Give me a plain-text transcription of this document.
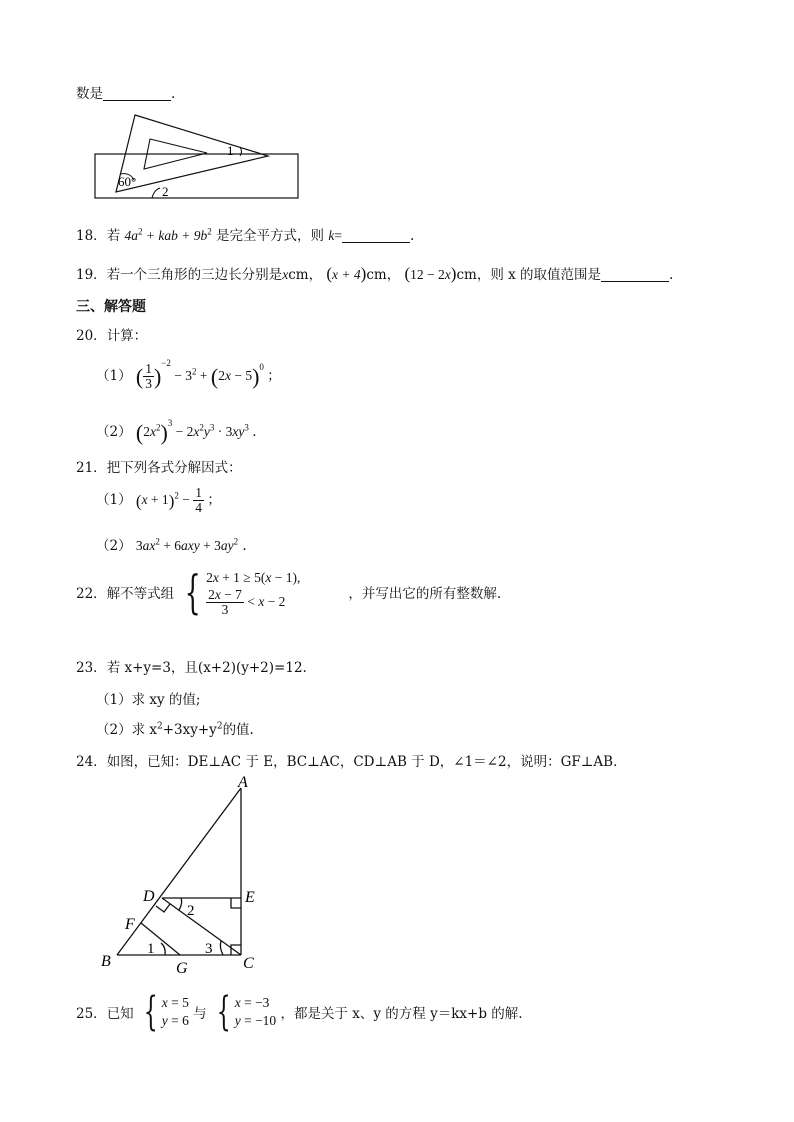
数是	.
60°
1
2
18．若 $4a^2$ + kab + $9b^2$ 是完全平方式，则 k=	.
19．若一个三角形的三边长分别是xcm， (x + 4)cm， (12 − 2x)cm，则 x 的取值范围是	.
三、解答题
20．计算：
（1） ( $\frac{1}{3} )^{-2} - 3^2 + (2x - 5)^0$ ；
（2） $(2x^2)^3 - 2x^2y^3 \cdot 3xy^3$ .
21．把下列各式分解因式：
（1） $(x + 1)^2 - \frac{1}{4}$ ；
（2） $3ax^2 + 6axy + 3ay^2$ .
22．解不等式组 { 2x + 1 ≥ 5(x − 1),
$\frac{2x - 7}{3} < x - 2$	，并写出它的所有整数解.
23．若 x+y=3，且(x+2)(y+2)=12.
（1）求 xy 的值;
（2）求 $x^2+3xy+y^2$的值.
24．如图，已知：DE⊥AC 于 E，BC⊥AC，CD⊥AB 于 D，∠1＝∠2，说明：GF⊥AB.
A
B	C
D	E
F
G
1
2
3
25．已知 { x = 5
y = 6 与 { x = −3
y = −10 ，都是关于 x、y 的方程 y＝kx+b 的解.
